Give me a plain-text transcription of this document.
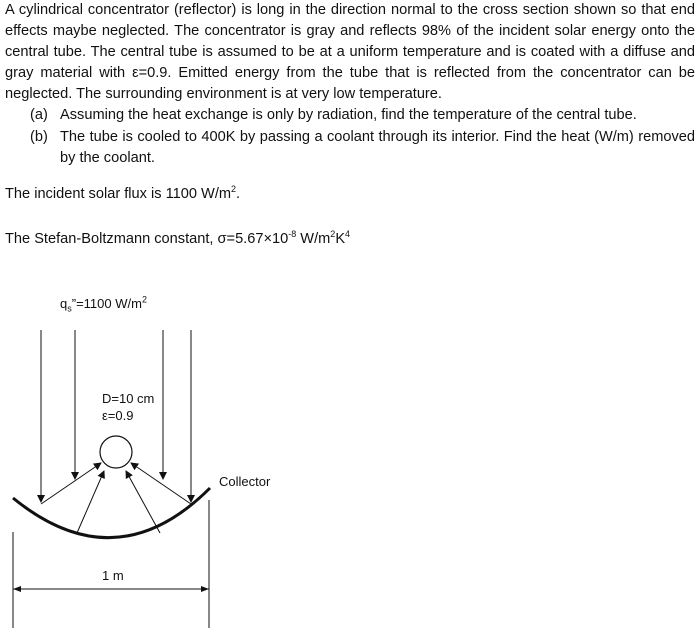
A cylindrical concentrator (reflector) is long in the direction normal to the cross section shown so that end effects maybe neglected. The concentrator is gray and reflects 98% of the incident solar energy onto the central tube. The central tube is assumed to be at a uniform temperature and is coated with a diffuse and gray material with ε=0.9. Emitted energy from the tube that is reflected from the concentrator can be neglected. The surrounding environment is at very low temperature.

(a) Assuming the heat exchange is only by radiation, find the temperature of the central tube.
(b) The tube is cooled to 400K by passing a coolant through its interior. Find the heat (W/m) removed by the coolant.
The incident solar flux is 1100 $W/m^2$.
The Stefan-Boltzmann constant, $\sigma=5.67\times 10^{-8}$ $W/m^2K^4$
$q_s”=1100$ $W/m^2$
D=10 cm
ε=0.9
Collector
1 m
